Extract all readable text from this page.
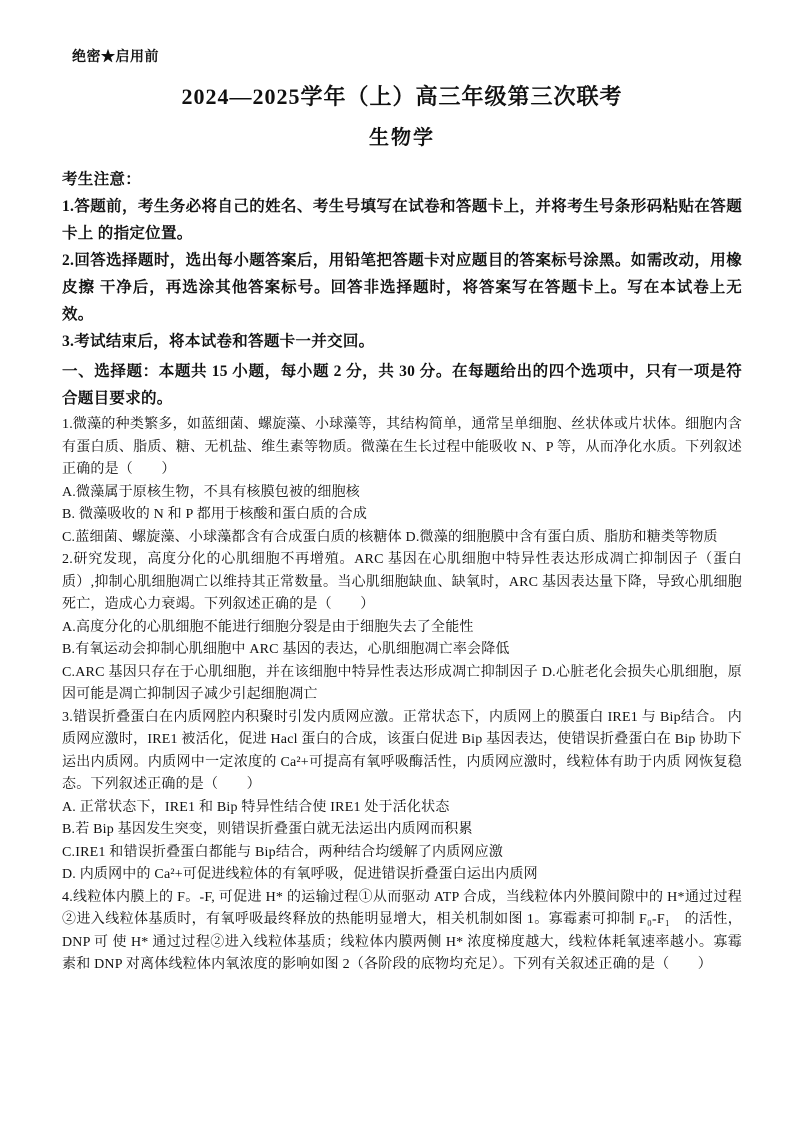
绝密★启用前
2024—2025学年（上）高三年级第三次联考
生物学

考生注意：

1.答题前，考生务必将自己的姓名、考生号填写在试卷和答题卡上，并将考生号条形码粘贴在答题卡上 的指定位置。

2.回答选择题时，选出每小题答案后，用铅笔把答题卡对应题目的答案标号涂黑。如需改动，用橡皮擦 干净后，再选涂其他答案标号。回答非选择题时，将答案写在答题卡上。写在本试卷上无效。

3.考试结束后，将本试卷和答题卡一并交回。

一、选择题：本题共 15 小题，每小题 2 分，共 30 分。在每题给出的四个选项中，只有一项是符合题目要求的。

1.微藻的种类繁多，如蓝细菌、螺旋藻、小球藻等，其结构简单，通常呈单细胞、丝状体或片状体。细胞内含有蛋白质、脂质、糖、无机盐、维生素等物质。微藻在生长过程中能吸收 N、P 等，从而净化水质。下列叙述正确的是（　　）

A.微藻属于原核生物，不具有核膜包被的细胞核

B. 微藻吸收的 N 和 P 都用于核酸和蛋白质的合成

C.蓝细菌、螺旋藻、小球藻都含有合成蛋白质的核糖体 D.微藻的细胞膜中含有蛋白质、脂肪和糖类等物质

2.研究发现，高度分化的心肌细胞不再增殖。ARC 基因在心肌细胞中特异性表达形成凋亡抑制因子（蛋白质）,抑制心肌细胞凋亡以维持其正常数量。当心肌细胞缺血、缺氧时，ARC 基因表达量下降，导致心肌细胞死亡，造成心力衰竭。下列叙述正确的是（　　）

A.高度分化的心肌细胞不能进行细胞分裂是由于细胞失去了全能性

B.有氧运动会抑制心肌细胞中 ARC 基因的表达，心肌细胞凋亡率会降低

C.ARC 基因只存在于心肌细胞，并在该细胞中特异性表达形成凋亡抑制因子 D.心脏老化会损失心肌细胞，原因可能是凋亡抑制因子减少引起细胞凋亡

3.错误折叠蛋白在内质网腔内积聚时引发内质网应激。正常状态下，内质网上的膜蛋白 IRE1 与 Bip结合。 内质网应激时，IRE1 被活化，促进 Hacl 蛋白的合成，该蛋白促进 Bip 基因表达，使错误折叠蛋白在 Bip 协助下运出内质网。内质网中一定浓度的 Ca²+可提高有氧呼吸酶活性，内质网应激时，线粒体有助于内质 网恢复稳态。下列叙述正确的是（　　）

A. 正常状态下，IRE1 和 Bip 特异性结合使 IRE1 处于活化状态

B.若 Bip 基因发生突变，则错误折叠蛋白就无法运出内质网而积累

C.IRE1 和错误折叠蛋白都能与 Bip结合，两种结合均缓解了内质网应激

D. 内质网中的 Ca²+可促进线粒体的有氧呼吸，促进错误折叠蛋白运出内质网

4.线粒体内膜上的 F。-F, 可促进 H* 的运输过程①从而驱动 ATP 合成，当线粒体内外膜间隙中的 H*通过过程②进入线粒体基质时，有氧呼吸最终释放的热能明显增大，相关机制如图 1。寡霉素可抑制 F₀-F₁　的活性，DNP 可 使 H* 通过过程②进入线粒体基质；线粒体内膜两侧 H* 浓度梯度越大，线粒体耗氧速率越小。寡霉素和 DNP 对离体线粒体内氧浓度的影响如图 2（各阶段的底物均充足）。下列有关叙述正确的是（　　）
